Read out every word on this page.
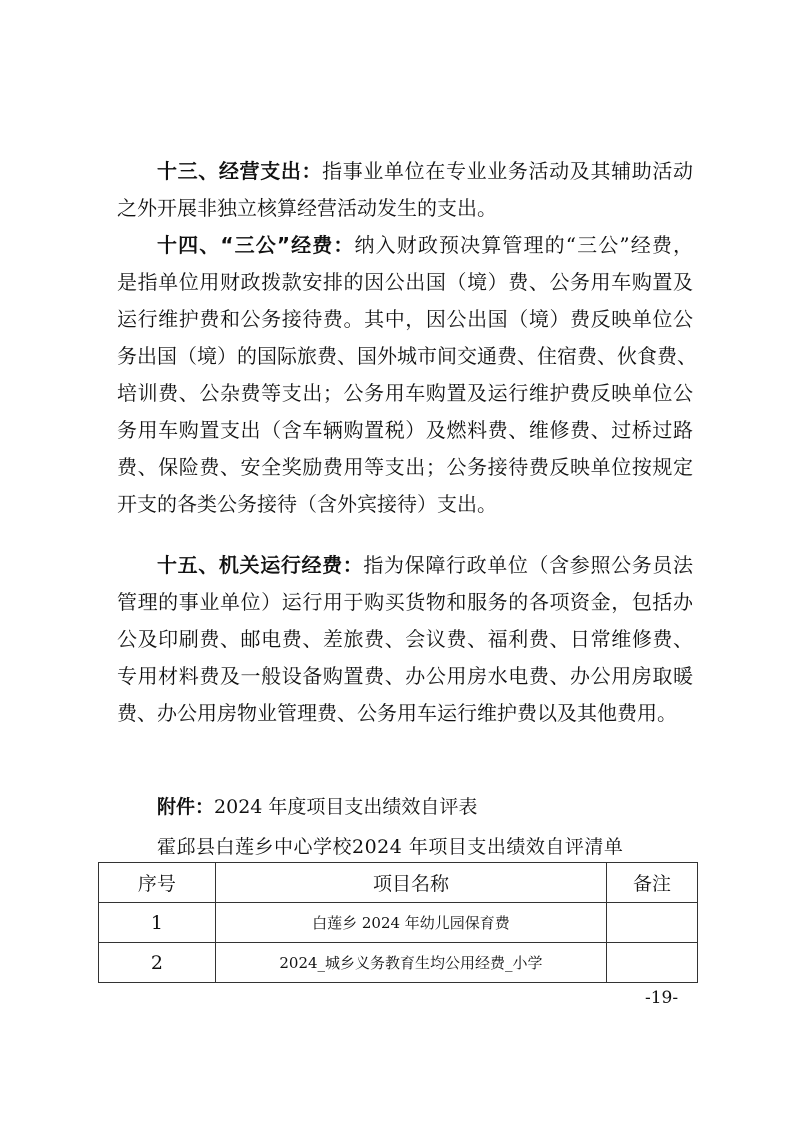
十三、经营支出：指事业单位在专业业务活动及其辅助活动
之外开展非独立核算经营活动发生的支出。
十四、“三公”经费：纳入财政预决算管理的“三公”经费，
是指单位用财政拨款安排的因公出国（境）费、公务用车购置及
运行维护费和公务接待费。其中，因公出国（境）费反映单位公
务出国（境）的国际旅费、国外城市间交通费、住宿费、伙食费、
培训费、公杂费等支出；公务用车购置及运行维护费反映单位公
务用车购置支出（含车辆购置税）及燃料费、维修费、过桥过路
费、保险费、安全奖励费用等支出；公务接待费反映单位按规定
开支的各类公务接待（含外宾接待）支出。
十五、机关运行经费：指为保障行政单位（含参照公务员法
管理的事业单位）运行用于购买货物和服务的各项资金，包括办
公及印刷费、邮电费、差旅费、会议费、福利费、日常维修费、
专用材料费及一般设备购置费、办公用房水电费、办公用房取暖
费、办公用房物业管理费、公务用车运行维护费以及其他费用。
附件：2024 年度项目支出绩效自评表
霍邱县白莲乡中心学校2024 年项目支出绩效自评清单
序号	项目名称	备注
1	白莲乡 2024 年幼儿园保育费	
2	2024_城乡义务教育生均公用经费_小学	
-19-
